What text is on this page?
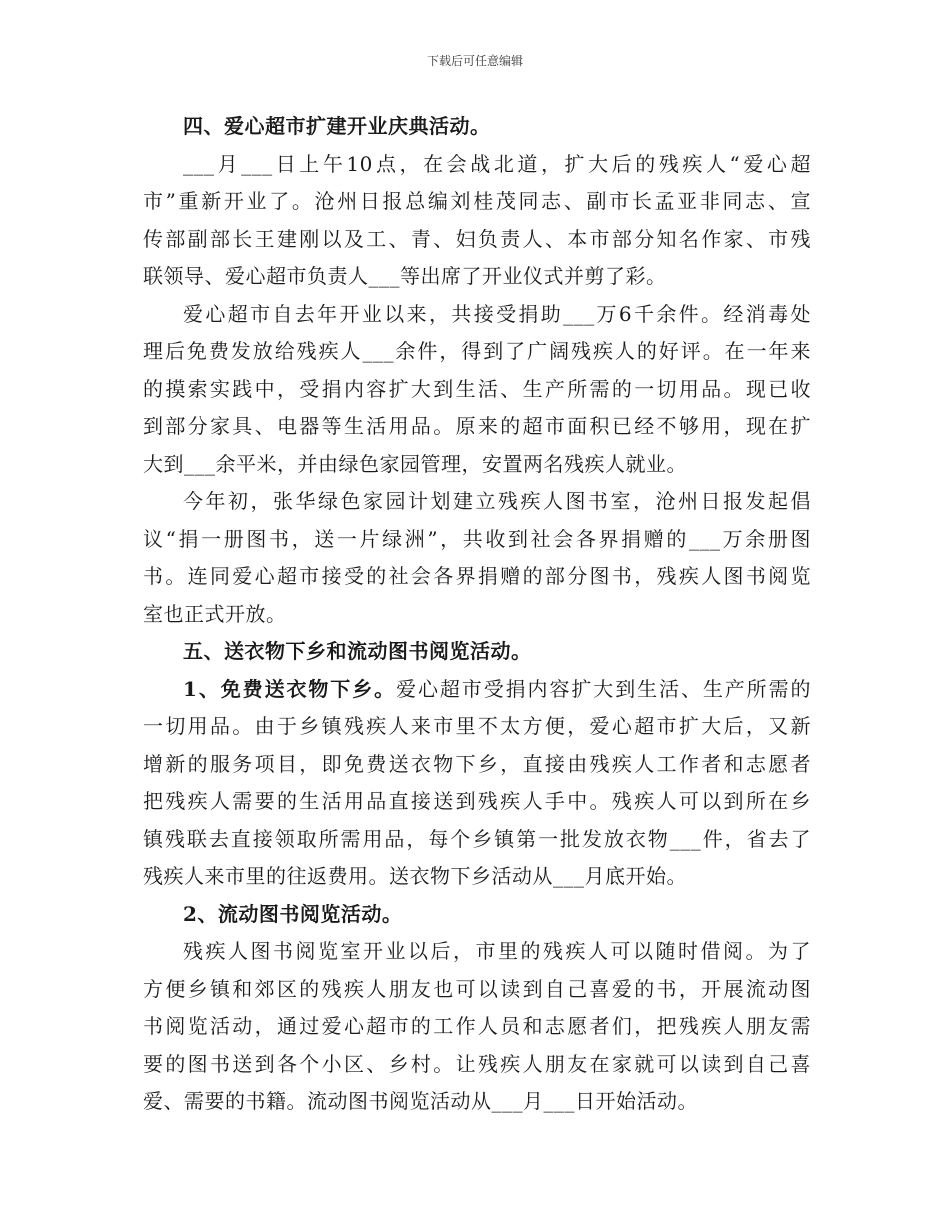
下载后可任意编辑
四、爱心超市扩建开业庆典活动。
___月___日上午10点，在会战北道，扩大后的残疾人“爱心超
市”重新开业了。沧州日报总编刘桂茂同志、副市长孟亚非同志、宣
传部副部长王建刚以及工、青、妇负责人、本市部分知名作家、市残
联领导、爱心超市负责人___等出席了开业仪式并剪了彩。
爱心超市自去年开业以来，共接受捐助___万6千余件。经消毒处
理后免费发放给残疾人___余件，得到了广阔残疾人的好评。在一年来
的摸索实践中，受捐内容扩大到生活、生产所需的一切用品。现已收
到部分家具、电器等生活用品。原来的超市面积已经不够用，现在扩
大到___余平米，并由绿色家园管理，安置两名残疾人就业。
今年初，张华绿色家园计划建立残疾人图书室，沧州日报发起倡
议“捐一册图书，送一片绿洲”，共收到社会各界捐赠的___万余册图
书。连同爱心超市接受的社会各界捐赠的部分图书，残疾人图书阅览
室也正式开放。
五、送衣物下乡和流动图书阅览活动。
1、免费送衣物下乡。爱心超市受捐内容扩大到生活、生产所需的
一切用品。由于乡镇残疾人来市里不太方便，爱心超市扩大后，又新
增新的服务项目，即免费送衣物下乡，直接由残疾人工作者和志愿者
把残疾人需要的生活用品直接送到残疾人手中。残疾人可以到所在乡
镇残联去直接领取所需用品，每个乡镇第一批发放衣物___件，省去了
残疾人来市里的往返费用。送衣物下乡活动从___月底开始。
2、流动图书阅览活动。
残疾人图书阅览室开业以后，市里的残疾人可以随时借阅。为了
方便乡镇和郊区的残疾人朋友也可以读到自己喜爱的书，开展流动图
书阅览活动，通过爱心超市的工作人员和志愿者们，把残疾人朋友需
要的图书送到各个小区、乡村。让残疾人朋友在家就可以读到自己喜
爱、需要的书籍。流动图书阅览活动从___月___日开始活动。
